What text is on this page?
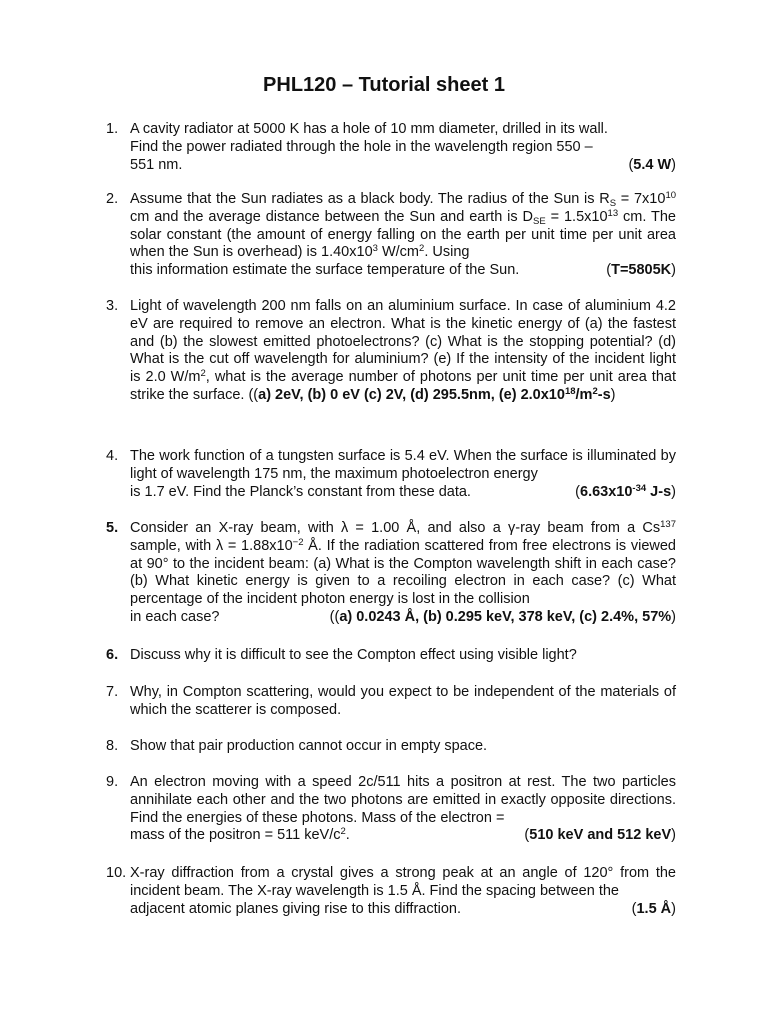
PHL120 – Tutorial sheet 1
1. A cavity radiator at 5000 K has a hole of 10 mm diameter, drilled in its wall.
Find the power radiated through the hole in the wavelength region 550 –
551 nm.	(5.4 W)
2. Assume that the Sun radiates as a black body. The radius of the Sun is $R_S = 7x10^{10}$ cm and the average distance between the Sun and earth is $D_{SE} = 1.5x10^{13}$ cm. The solar constant (the amount of energy falling on the earth per unit time per unit area when the Sun is overhead) is $1.40x10^3$ $W/cm^2$. Using
this information estimate the surface temperature of the Sun.	(T=5805K)
3. Light of wavelength 200 nm falls on an aluminium surface. In case of aluminium 4.2 eV are required to remove an electron. What is the kinetic energy of (a) the fastest and (b) the slowest emitted photoelectrons? (c) What is the stopping potential? (d) What is the cut off wavelength for aluminium? (e) If the intensity of the incident light is 2.0 $W/m^2$, what is the average number of photons per unit time per unit area that strike the surface. ((a) 2eV, (b) 0 eV (c) 2V, (d) 295.5nm, (e) $2.0x10^{18}/m^2-s$)
4. The work function of a tungsten surface is 5.4 eV. When the surface is illuminated by light of wavelength 175 nm, the maximum photoelectron energy
is 1.7 eV. Find the Planck’s constant from these data.	($6.63x10^{-34}$ J-s)
5. Consider an X-ray beam, with λ = 1.00 Å, and also a γ-ray beam from a Cs$^{137}$ sample, with $\lambda = 1.88x10^{-2}$ Å. If the radiation scattered from free electrons is viewed at 90° to the incident beam: (a) What is the Compton wavelength shift in each case? (b) What kinetic energy is given to a recoiling electron in each case? (c) What percentage of the incident photon energy is lost in the collision
in each case?	((a) 0.0243 Å, (b) 0.295 keV, 378 keV, (c) 2.4%, 57%)
6. Discuss why it is difficult to see the Compton effect using visible light?
7. Why, in Compton scattering, would you expect to be independent of the materials of which the scatterer is composed.
8. Show that pair production cannot occur in empty space.
9. An electron moving with a speed 2c/511 hits a positron at rest. The two particles annihilate each other and the two photons are emitted in exactly opposite directions. Find the energies of these photons. Mass of the electron =
mass of the positron = 511 keV/$c^2$.	(510 keV and 512 keV)
10. X-ray diffraction from a crystal gives a strong peak at an angle of 120° from the incident beam. The X-ray wavelength is 1.5 Å. Find the spacing between the
adjacent atomic planes giving rise to this diffraction.	(1.5 Å)
